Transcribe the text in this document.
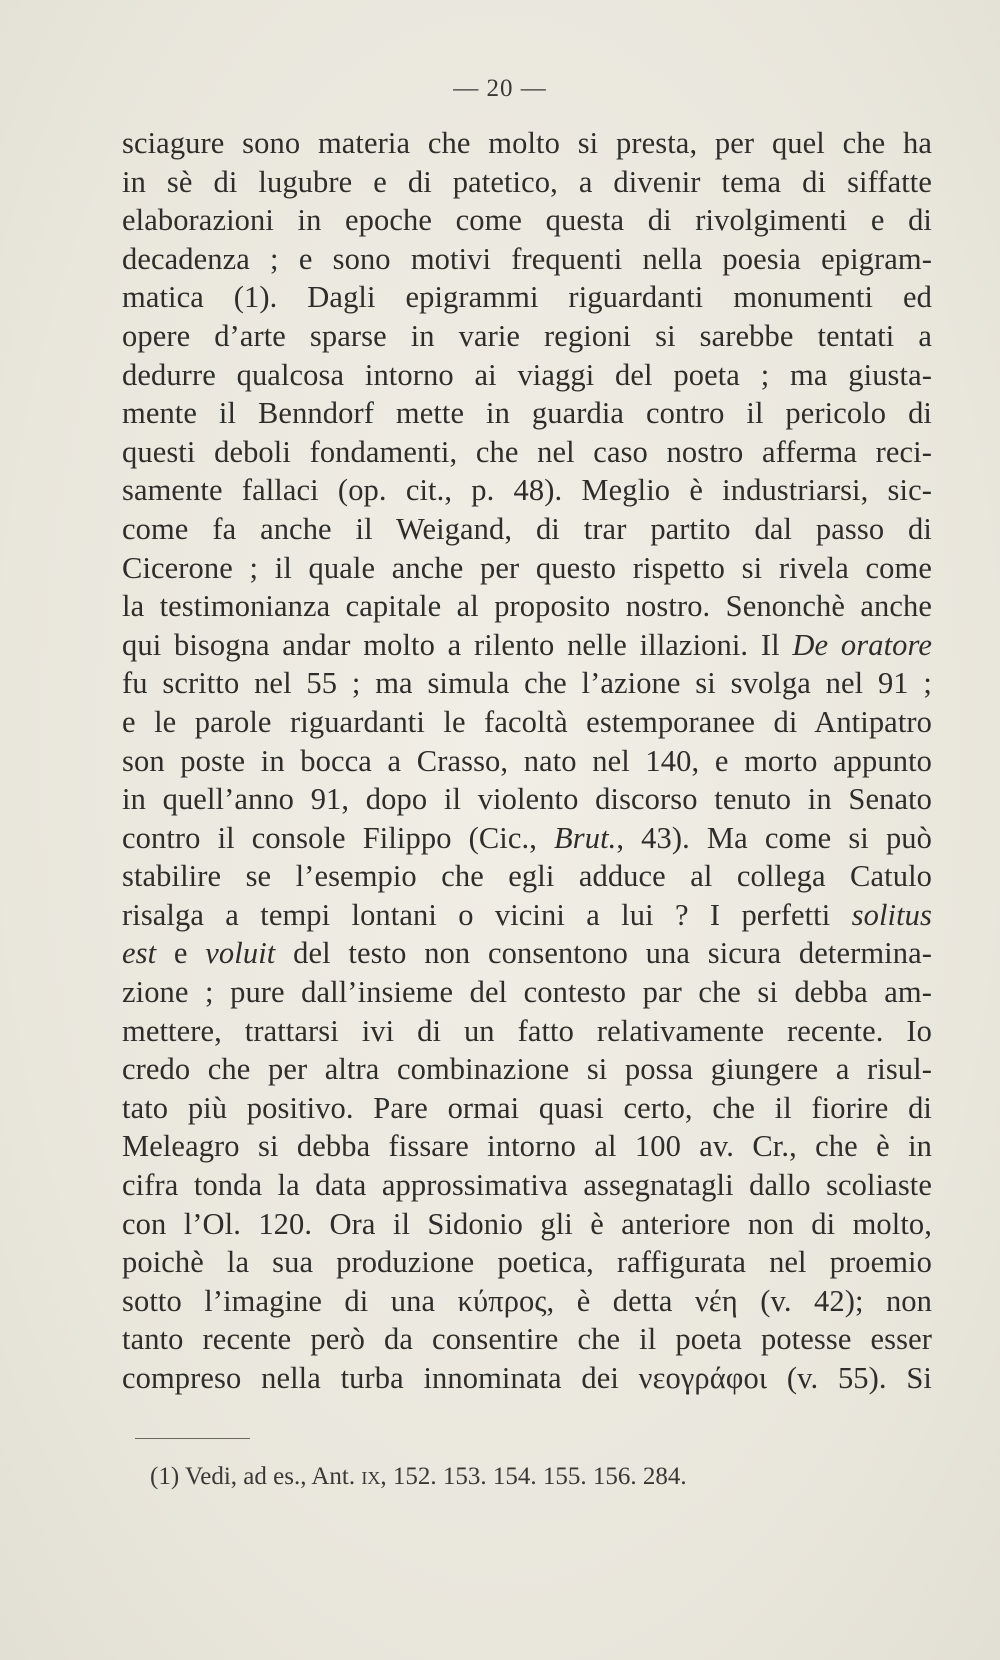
— 20 —
sciagure sono materia che molto si presta, per quel che ha
in sè di lugubre e di patetico, a divenir tema di siffatte
elaborazioni in epoche come questa di rivolgimenti e di
decadenza ; e sono motivi frequenti nella poesia epigram-
matica (1). Dagli epigrammi riguardanti monumenti ed
opere d’arte sparse in varie regioni si sarebbe tentati a
dedurre qualcosa intorno ai viaggi del poeta ; ma giusta-
mente il Benndorf mette in guardia contro il pericolo di
questi deboli fondamenti, che nel caso nostro afferma reci-
samente fallaci (op. cit., p. 48). Meglio è industriarsi, sic-
come fa anche il Weigand, di trar partito dal passo di
Cicerone ; il quale anche per questo rispetto si rivela come
la testimonianza capitale al proposito nostro. Senonchè anche
qui bisogna andar molto a rilento nelle illazioni. Il De oratore
fu scritto nel 55 ; ma simula che l’azione si svolga nel 91 ;
e le parole riguardanti le facoltà estemporanee di Antipatro
son poste in bocca a Crasso, nato nel 140, e morto appunto
in quell’anno 91, dopo il violento discorso tenuto in Senato
contro il console Filippo (Cic., Brut., 43). Ma come si può
stabilire se l’esempio che egli adduce al collega Catulo
risalga a tempi lontani o vicini a lui ? I perfetti solitus
est e voluit del testo non consentono una sicura determina-
zione ; pure dall’insieme del contesto par che si debba am-
mettere, trattarsi ivi di un fatto relativamente recente. Io
credo che per altra combinazione si possa giungere a risul-
tato più positivo. Pare ormai quasi certo, che il fiorire di
Meleagro si debba fissare intorno al 100 av. Cr., che è in
cifra tonda la data approssimativa assegnatagli dallo scoliaste
con l’Ol. 120. Ora il Sidonio gli è anteriore non di molto,
poichè la sua produzione poetica, raffigurata nel proemio
sotto l’imagine di una κύπρος, è detta νέη (v. 42); non
tanto recente però da consentire che il poeta potesse esser
compreso nella turba innominata dei νεογράφοι (v. 55). Si
(1) Vedi, ad es., Ant. ix, 152. 153. 154. 155. 156. 284.
